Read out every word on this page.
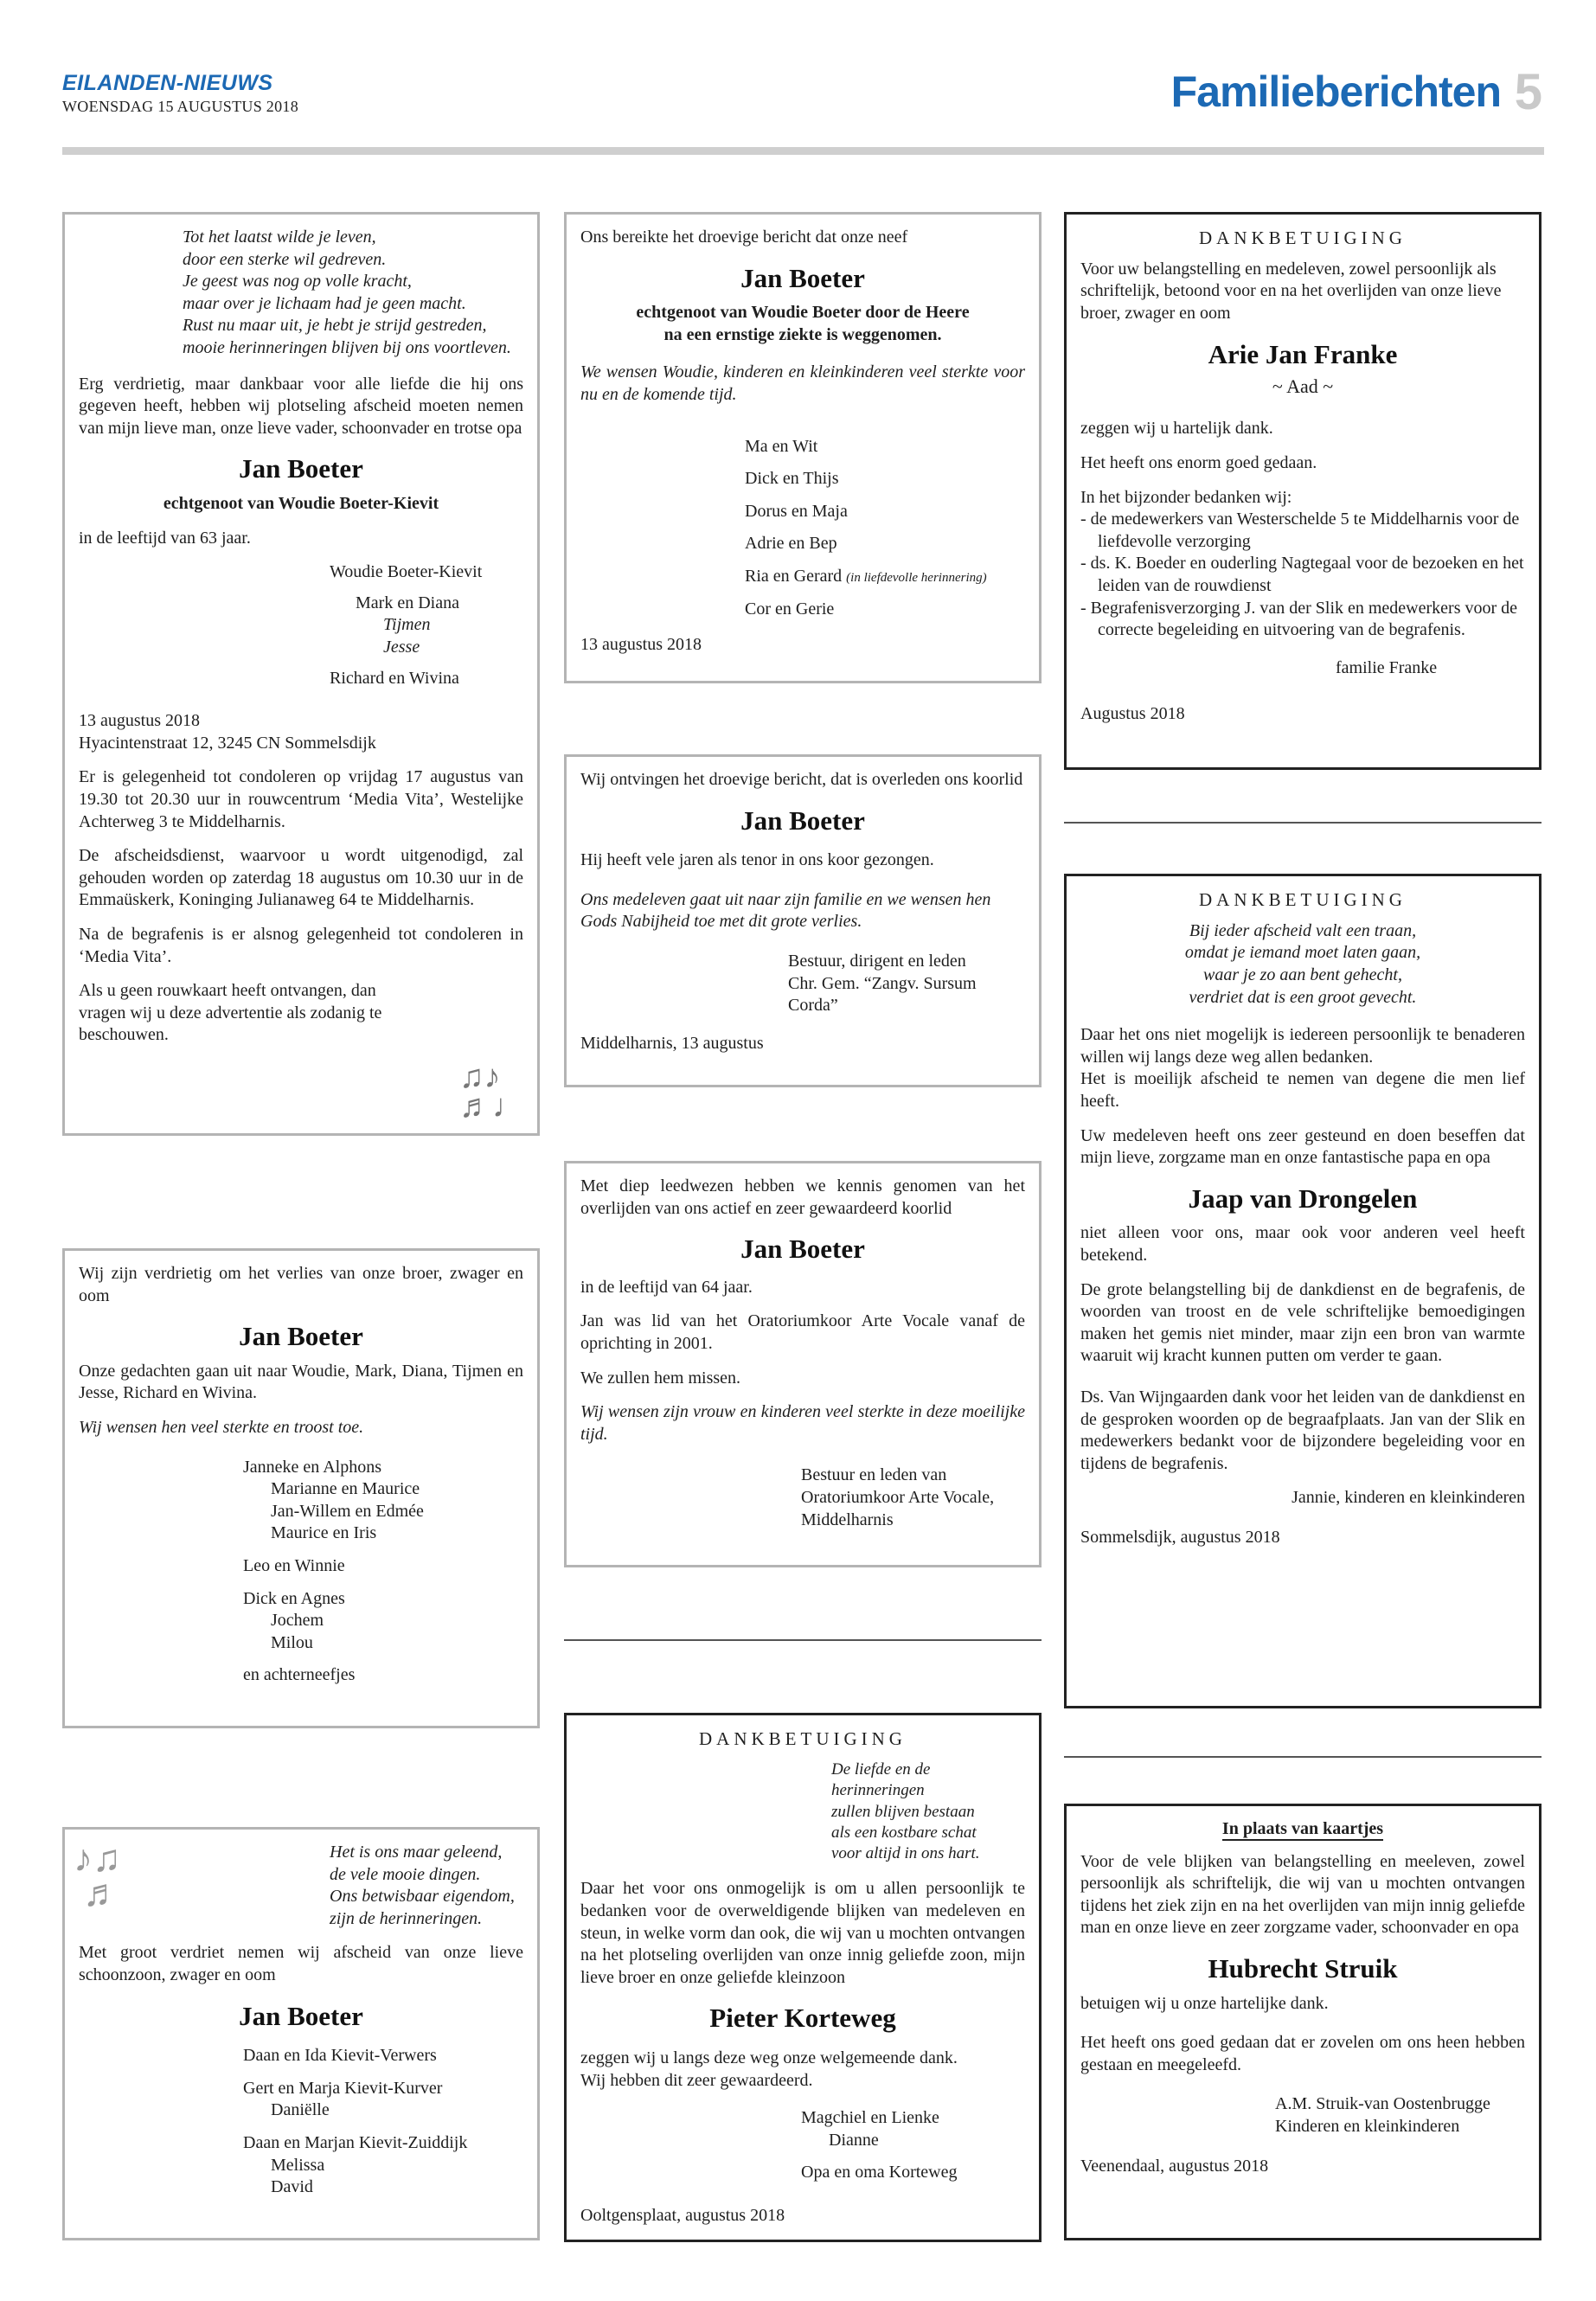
EILANDEN-NIEUWS
WOENSDAG 15 AUGUSTUS 2018	Familieberichten 5
Tot het laatst wilde je leven,
door een sterke wil gedreven.
Je geest was nog op volle kracht,
maar over je lichaam had je geen macht.
Rust nu maar uit, je hebt je strijd gestreden,
mooie herinneringen blijven bij ons voortleven.

Erg verdrietig, maar dankbaar voor alle liefde die hij ons gegeven heeft, hebben wij plotseling afscheid moeten nemen van mijn lieve man, onze lieve vader, schoonvader en trotse opa

Jan Boeter
echtgenoot van Woudie Boeter-Kievit

in de leeftijd van 63 jaar.

Woudie Boeter-Kievit

Mark en Diana
Tijmen
Jesse

Richard en Wivina

13 augustus 2018

Hyacintenstraat 12, 3245 CN Sommelsdijk

Er is gelegenheid tot condoleren op vrijdag 17 augustus van 19.30 tot 20.30 uur in rouwcentrum ‘Media Vita’, Westelijke Achterweg 3 te Middelharnis.

De afscheidsdienst, waarvoor u wordt uitgenodigd, zal gehouden worden op zaterdag 18 augustus om 10.30 uur in de Emmaüskerk, Koninging Julianaweg 64 te Middelharnis.

Na de begrafenis is er alsnog gelegenheid tot condoleren in ‘Media Vita’.

Als u geen rouwkaart heeft ontvangen, dan vragen wij u deze advertentie als zodanig te beschouwen.

♫♪
♬♩

Wij zijn verdrietig om het verlies van onze broer, zwager en oom

Jan Boeter

Onze gedachten gaan uit naar Woudie, Mark, Diana, Tijmen en Jesse, Richard en Wivina.

Wij wensen hen veel sterkte en troost toe.

Janneke en Alphons
Marianne en Maurice
Jan-Willem en Edmée
Maurice en Iris
Leo en Winnie
Dick en Agnes
Jochem
Milou
en achterneefjes
♪♫
♬
Het is ons maar geleend,
de vele mooie dingen.
Ons betwisbaar eigendom,
zijn de herinneringen.

Met groot verdriet nemen wij afscheid van onze lieve schoonzoon, zwager en oom

Jan Boeter
Daan en Ida Kievit-Verwers
Gert en Marja Kievit-Kurver
Daniëlle
Daan en Marjan Kievit-Zuiddijk
Melissa
David

Ons bereikte het droevige bericht dat onze neef

Jan Boeter
echtgenoot van Woudie Boeter door de Heere
na een ernstige ziekte is weggenomen.

We wensen Woudie, kinderen en kleinkinderen veel sterkte voor nu en de komende tijd.

Ma en Wit

Dick en Thijs

Dorus en Maja

Adrie en Bep

Ria en Gerard (in liefdevolle herinnering)

Cor en Gerie

13 augustus 2018

Wij ontvingen het droevige bericht, dat is overleden ons koorlid

Jan Boeter

Hij heeft vele jaren als tenor in ons koor gezongen.

Ons medeleven gaat uit naar zijn familie en we wensen hen Gods Nabijheid toe met dit grote verlies.

Bestuur, dirigent en leden
Chr. Gem. “Zangv. Sursum Corda”
Middelharnis, 13 augustus

Met diep leedwezen hebben we kennis genomen van het overlijden van ons actief en zeer gewaardeerd koorlid

Jan Boeter

in de leeftijd van 64 jaar.

Jan was lid van het Oratoriumkoor Arte Vocale vanaf de oprichting in 2001.

We zullen hem missen.

Wij wensen zijn vrouw en kinderen veel sterkte in deze moeilijke tijd.

Bestuur en leden van
Oratoriumkoor Arte Vocale,
Middelharnis
DANKBETUIGING
De liefde en de herinneringen
zullen blijven bestaan
als een kostbare schat
voor altijd in ons hart.

Daar het voor ons onmogelijk is om u allen persoonlijk te bedanken voor de overweldigende blijken van medeleven en steun, in welke vorm dan ook, die wij van u mochten ontvangen na het plotseling overlijden van onze innig geliefde zoon, mijn lieve broer en onze geliefde kleinzoon

Pieter Korteweg
zeggen wij u langs deze weg onze welgemeende dank.
Wij hebben dit zeer gewaardeerd.
Magchiel en Lienke
Dianne
Opa en oma Korteweg
Ooltgensplaat, augustus 2018
DANKBETUIGING

Voor uw belangstelling en medeleven, zowel persoonlijk als schriftelijk, betoond voor en na het overlijden van onze lieve broer, zwager en oom

Arie Jan Franke

~ Aad ~

zeggen wij u hartelijk dank.

Het heeft ons enorm goed gedaan.

In het bijzonder bedanken wij:
- de medewerkers van Westerschelde 5 te Middelharnis voor de liefdevolle verzorging
- ds. K. Boeder en ouderling Nagtegaal voor de bezoeken en het leiden van de rouwdienst
- Begrafenisverzorging J. van der Slik en medewerkers voor de correcte begeleiding en uitvoering van de begrafenis.

familie Franke

Augustus 2018
DANKBETUIGING
Bij ieder afscheid valt een traan,
omdat je iemand moet laten gaan,
waar je zo aan bent gehecht,
verdriet dat is een groot gevecht.
Daar het ons niet mogelijk is iedereen persoonlijk te benaderen willen wij langs deze weg allen bedanken.

Het is moeilijk afscheid te nemen van degene die men lief heeft.

Uw medeleven heeft ons zeer gesteund en doen beseffen dat mijn lieve, zorgzame man en onze fantastische papa en opa

Jaap van Drongelen

niet alleen voor ons, maar ook voor anderen veel heeft betekend.

De grote belangstelling bij de dankdienst en de begrafenis, de woorden van troost en de vele schriftelijke bemoedigingen maken het gemis niet minder, maar zijn een bron van warmte waaruit wij kracht kunnen putten om verder te gaan.

Ds. Van Wijngaarden dank voor het leiden van de dankdienst en de gesproken woorden op de begraafplaats. Jan van der Slik en medewerkers bedankt voor de bijzondere begeleiding voor en tijdens de begrafenis.

Jannie, kinderen en kleinkinderen

Sommelsdijk, augustus 2018
In plaats van kaartjes

Voor de vele blijken van belangstelling en meeleven, zowel persoonlijk als schriftelijk, die wij van u mochten ontvangen tijdens het ziek zijn en na het overlijden van mijn innig geliefde man en onze lieve en zeer zorgzame vader, schoonvader en opa

Hubrecht Struik

betuigen wij u onze hartelijke dank.

Het heeft ons goed gedaan dat er zovelen om ons heen hebben gestaan en meegeleefd.

A.M. Struik-van Oostenbrugge
Kinderen en kleinkinderen
Veenendaal, augustus 2018
